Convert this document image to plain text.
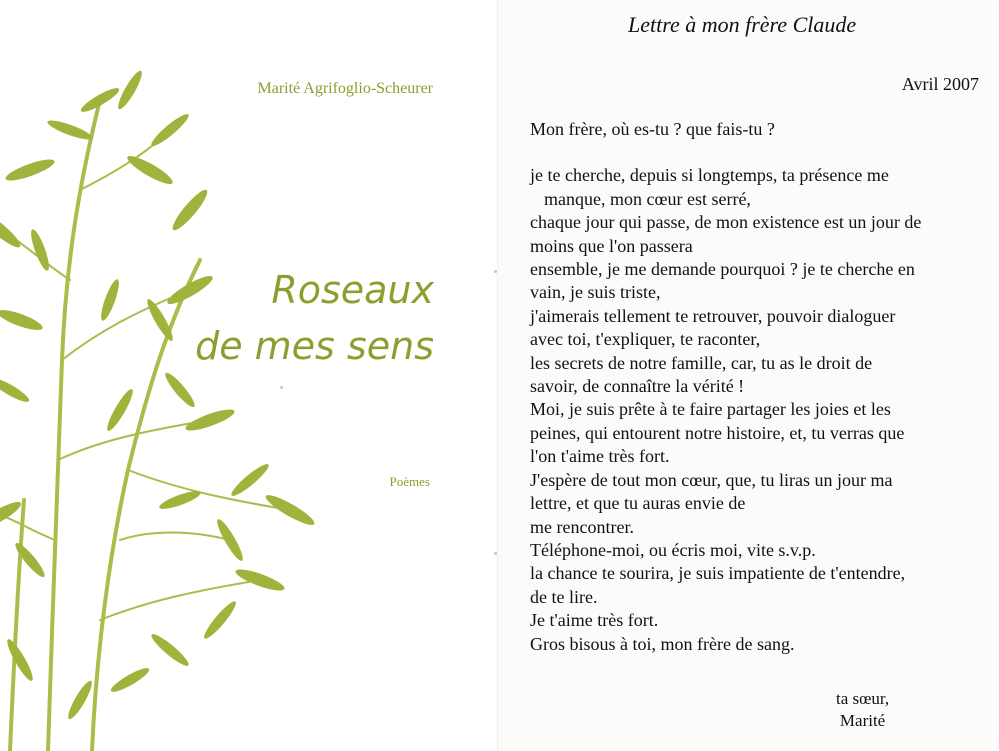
Marité Agrifoglio-Scheurer
Roseaux
de mes sens
Poèmes
Lettre à mon frère Claude
Avril 2007

Mon frère, où es-tu ? que fais-tu ?

je te cherche, depuis si longtemps, ta présence me

manque, mon cœur est serré,

chaque jour qui passe, de mon existence est un jour de

moins que l'on passera

ensemble, je me demande pourquoi ? je te cherche en

vain, je suis triste,

j'aimerais tellement te retrouver, pouvoir dialoguer

avec toi, t'expliquer, te raconter,

les secrets de notre famille, car, tu as le droit de

savoir, de connaître la vérité !

Moi, je suis prête à te faire partager les joies et les

peines, qui entourent notre histoire, et, tu verras que

l'on t'aime très fort.

J'espère de tout mon cœur, que, tu liras un jour ma

lettre, et que tu auras envie de

me rencontrer.

Téléphone-moi, ou écris moi, vite s.v.p.

la chance te sourira, je suis impatiente de t'entendre,

de te lire.

Je t'aime très fort.

Gros bisous à toi, mon frère de sang.

ta sœur,
Marité
